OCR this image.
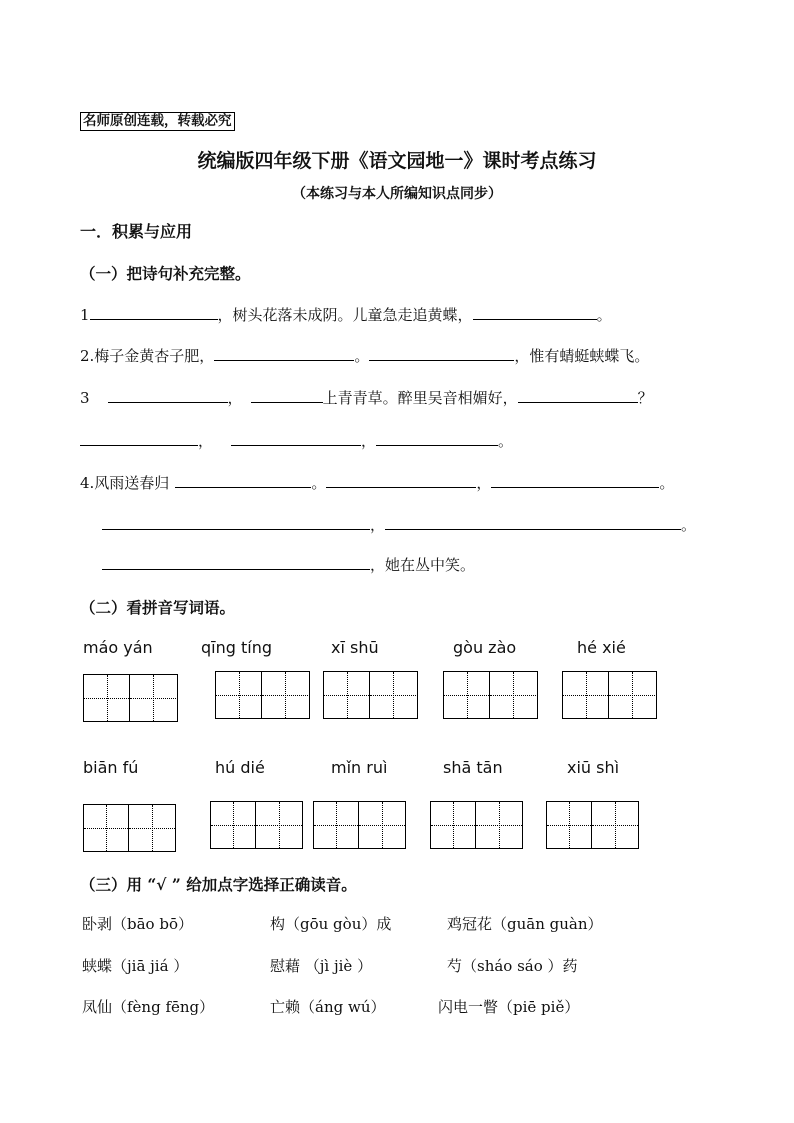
名师原创连载，转载必究
统编版四年级下册《语文园地一》课时考点练习
（本练习与本人所编知识点同步）
一．积累与应用
（一）把诗句补充完整。
1	，树头花落未成阴。儿童急走追黄蝶，	。
2.梅子金黄杏子肥，	。	，惟有蜻蜓蛱蝶飞。
3	，	上青青草。醉里吴音相媚好，	？
，	，	。
4.风雨送春归	。	，	。
，	。
，她在丛中笑。
（二）看拼音写词语。
máo yán	qīng tíng	xī shū	gòu zào	hé xié
biān fú	hú dié	mǐn ruì	shā tān	xiū shì
（三）用 “√ ” 给加点字选择正确读音。
卧剥（bāo bō）	构（gōu gòu）成	鸡冠花（guān guàn）
蛱蝶（jiā jiá ）	慰藉 （jì jiè ）	芍（sháo sáo ）药
凤仙（fèng fēng）	亡赖（áng wú）	闪电一瞥（piē piě）
